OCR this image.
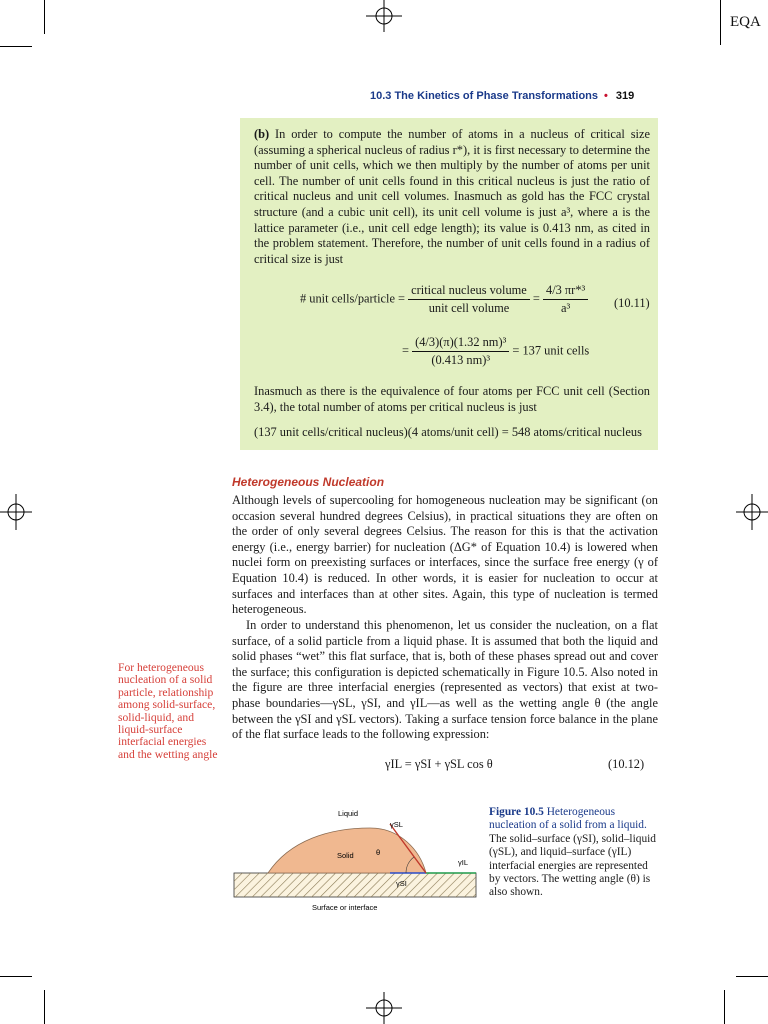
EQA
10.3 The Kinetics of Phase Transformations • 319
(b) In order to compute the number of atoms in a nucleus of critical size (assuming a spherical nucleus of radius r*), it is first necessary to determine the number of unit cells, which we then multiply by the number of atoms per unit cell. The number of unit cells found in this critical nucleus is just the ratio of critical nucleus and unit cell volumes. Inasmuch as gold has the FCC crystal structure (and a cubic unit cell), its unit cell volume is just a³, where a is the lattice parameter (i.e., unit cell edge length); its value is 0.413 nm, as cited in the problem statement. Therefore, the number of unit cells found in a radius of critical size is just
# unit cells/particle = $\frac{\text{critical nucleus volume}}{\text{unit cell volume}} = \frac{\text{4/3 πr*³}}{\text{a³}} (10.11)$
= $\frac{\text{(4/3)(π)(1.32 nm)³}}{\text{(0.413 nm)³}} = 137$ unit cells
Inasmuch as there is the equivalence of four atoms per FCC unit cell (Section 3.4), the total number of atoms per critical nucleus is just
(137 unit cells/critical nucleus)(4 atoms/unit cell) = 548 atoms/critical nucleus
Heterogeneous Nucleation
Although levels of supercooling for homogeneous nucleation may be significant (on occasion several hundred degrees Celsius), in practical situations they are often on the order of only several degrees Celsius. The reason for this is that the activation energy (i.e., energy barrier) for nucleation (ΔG* of Equation 10.4) is lowered when nuclei form on preexisting surfaces or interfaces, since the surface free energy (γ of Equation 10.4) is reduced. In other words, it is easier for nucleation to occur at surfaces and interfaces than at other sites. Again, this type of nucleation is termed heterogeneous.
In order to understand this phenomenon, let us consider the nucleation, on a flat surface, of a solid particle from a liquid phase. It is assumed that both the liquid and solid phases “wet” this flat surface, that is, both of these phases spread out and cover the surface; this configuration is depicted schematically in Figure 10.5. Also noted in the figure are three interfacial energies (represented as vectors) that exist at two-phase boundaries—γSL, γSI, and γIL—as well as the wetting angle θ (the angle between the γSI and γSL vectors). Taking a surface tension force balance in the plane of the flat surface leads to the following expression:
For heterogeneous nucleation of a solid particle, relationship among solid-surface, solid-liquid, and liquid-surface interfacial energies and the wetting angle
γIL = γSI + γSL cos θ	(10.12)
Liquid
Solid
γSL
θ
γIL
γSI
Surface or interface
Figure 10.5 Heterogeneous nucleation of a solid from a liquid. The solid–surface (γSI), solid–liquid (γSL), and liquid–surface (γIL) interfacial energies are represented by vectors. The wetting angle (θ) is also shown.
